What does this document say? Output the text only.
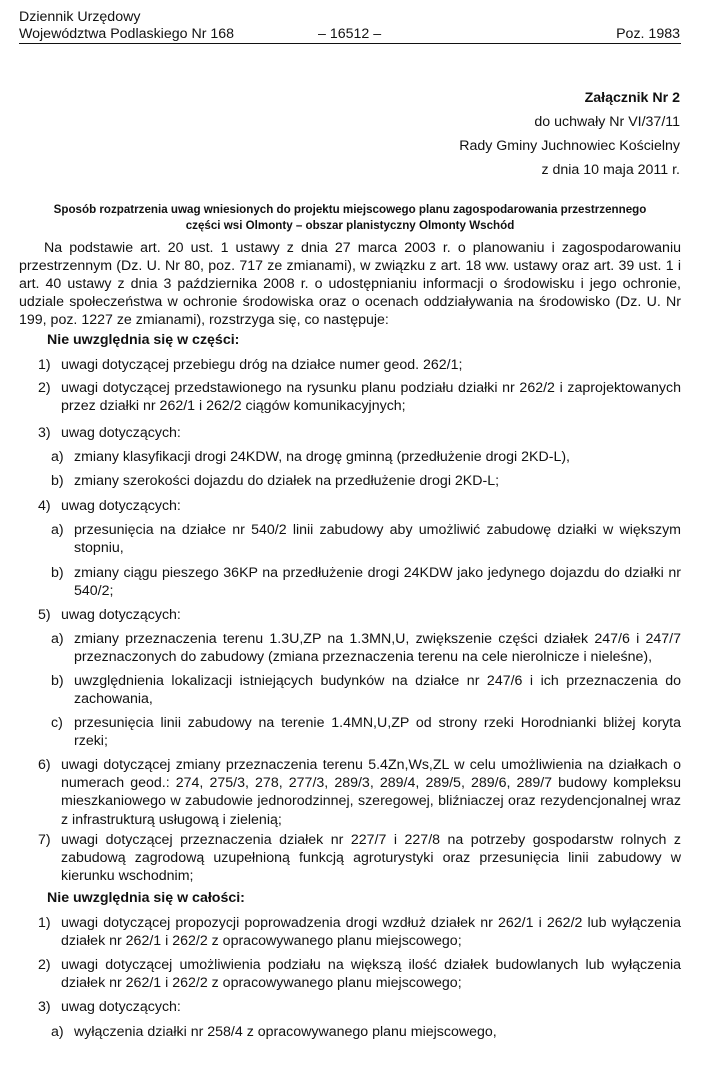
Dziennik Urzędowy
Województwa Podlaskiego Nr 168	– 16512 –	Poz. 1983
Załącznik Nr 2
do uchwały Nr VI/37/11
Rady Gminy Juchnowiec Kościelny
z dnia 10 maja 2011 r.
Sposób rozpatrzenia uwag wniesionych do projektu miejscowego planu zagospodarowania przestrzennego
części wsi Olmonty – obszar planistyczny Olmonty Wschód
Na podstawie art. 20 ust. 1 ustawy z dnia 27 marca 2003 r. o planowaniu i zagospodarowaniu przestrzennym (Dz. U. Nr 80, poz. 717 ze zmianami), w związku z art. 18 ww. ustawy oraz art. 39 ust. 1 i art. 40 ustawy z dnia 3 października 2008 r. o udostępnianiu informacji o środowisku i jego ochronie, udziale społeczeństwa w ochronie środowiska oraz o ocenach oddziaływania na środowisko (Dz. U. Nr 199, poz. 1227 ze zmianami), rozstrzyga się, co następuje:
Nie uwzględnia się w części:
1) uwagi dotyczącej przebiegu dróg na działce numer geod. 262/1;
2) uwagi dotyczącej przedstawionego na rysunku planu podziału działki nr 262/2 i zaprojektowanych przez działki nr 262/1 i 262/2 ciągów komunikacyjnych;
3) uwag dotyczących:
a) zmiany klasyfikacji drogi 24KDW, na drogę gminną (przedłużenie drogi 2KD-L),
b) zmiany szerokości dojazdu do działek na przedłużenie drogi 2KD-L;
4) uwag dotyczących:
a) przesunięcia na działce nr 540/2 linii zabudowy aby umożliwić zabudowę działki w większym stopniu,
b) zmiany ciągu pieszego 36KP na przedłużenie drogi 24KDW jako jedynego dojazdu do działki nr 540/2;
5) uwag dotyczących:
a) zmiany przeznaczenia terenu 1.3U,ZP na 1.3MN,U, zwiększenie części działek 247/6 i 247/7 przeznaczonych do zabudowy (zmiana przeznaczenia terenu na cele nierolnicze i nieleśne),
b) uwzględnienia lokalizacji istniejących budynków na działce nr 247/6 i ich przeznaczenia do zachowania,
c) przesunięcia linii zabudowy na terenie 1.4MN,U,ZP od strony rzeki Horodnianki bliżej koryta rzeki;
6) uwagi dotyczącej zmiany przeznaczenia terenu 5.4Zn,Ws,ZL w celu umożliwienia na działkach o numerach geod.: 274, 275/3, 278, 277/3, 289/3, 289/4, 289/5, 289/6, 289/7 budowy kompleksu mieszkaniowego w zabudowie jednorodzinnej, szeregowej, bliźniaczej oraz rezydencjonalnej wraz z infrastrukturą usługową i zielenią;
7) uwagi dotyczącej przeznaczenia działek nr 227/7 i 227/8 na potrzeby gospodarstw rolnych z zabudową zagrodową uzupełnioną funkcją agroturystyki oraz przesunięcia linii zabudowy w kierunku wschodnim;
Nie uwzględnia się w całości:
1) uwagi dotyczącej propozycji poprowadzenia drogi wzdłuż działek nr 262/1 i 262/2 lub wyłączenia działek nr 262/1 i 262/2 z opracowywanego planu miejscowego;
2) uwagi dotyczącej umożliwienia podziału na większą ilość działek budowlanych lub wyłączenia działek nr 262/1 i 262/2 z opracowywanego planu miejscowego;
3) uwag dotyczących:
a) wyłączenia działki nr 258/4 z opracowywanego planu miejscowego,
